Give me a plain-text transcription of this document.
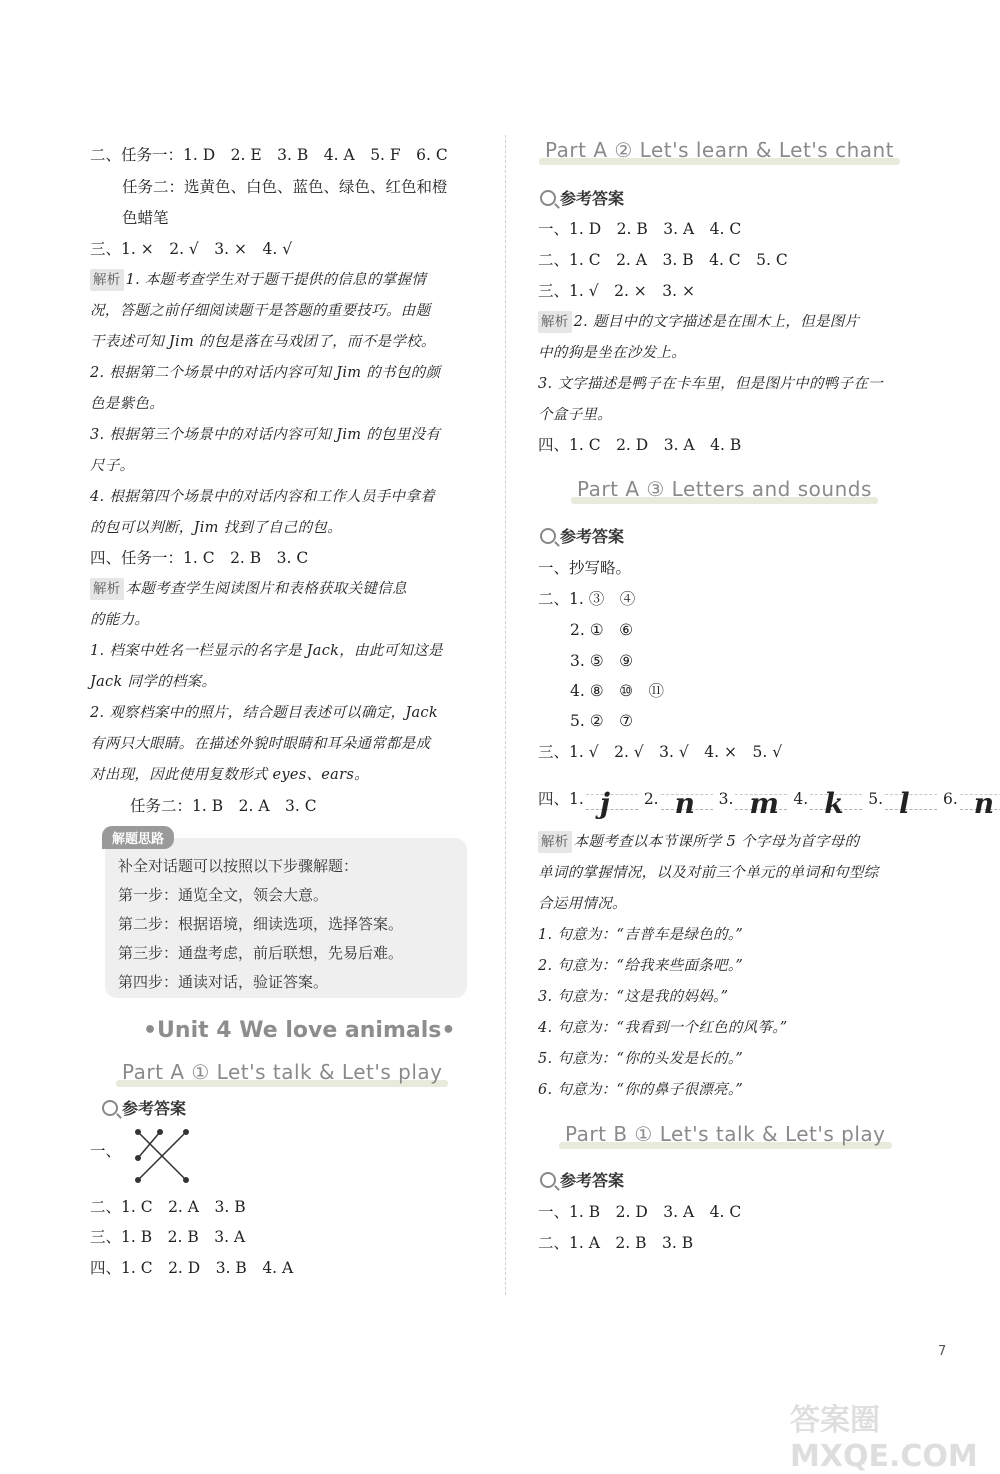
二、任务一：1. D　2. E　3. B　4. A　5. F　6. C
任务二：选黄色、白色、蓝色、绿色、红色和橙
色蜡笔
三、1. ×　2. √　3. ×　4. √
解析 1. 本题考查学生对于题干提供的信息的掌握情
况，答题之前仔细阅读题干是答题的重要技巧。由题
干表述可知 Jim 的包是落在马戏团了，而不是学校。
2. 根据第二个场景中的对话内容可知 Jim 的书包的颜
色是紫色。
3. 根据第三个场景中的对话内容可知 Jim 的包里没有
尺子。
4. 根据第四个场景中的对话内容和工作人员手中拿着
的包可以判断，Jim 找到了自己的包。
四、任务一：1. C　2. B　3. C
解析 本题考查学生阅读图片和表格获取关键信息
的能力。
1. 档案中姓名一栏显示的名字是 Jack，由此可知这是
Jack 同学的档案。
2. 观察档案中的照片，结合题目表述可以确定，Jack
有两只大眼睛。在描述外貌时眼睛和耳朵通常都是成
对出现，因此使用复数形式 eyes、ears。
任务二：1. B　2. A　3. C
解题思路
补全对话题可以按照以下步骤解题：
第一步：通览全文，领会大意。
第二步：根据语境，细读选项，选择答案。
第三步：通盘考虑，前后联想，先易后难。
第四步：通读对话，验证答案。
•Unit 4 We love animals•
Part A ① Let's talk & Let's play
参考答案
一、
二、1. C　2. A　3. B
三、1. B　2. B　3. A
四、1. C　2. D　3. B　4. A
Part A ② Let's learn & Let's chant
参考答案
一、1. D　2. B　3. A　4. C
二、1. C　2. A　3. B　4. C　5. C
三、1. √　2. ×　3. ×
解析 2. 题目中的文字描述是在围木上，但是图片
中的狗是坐在沙发上。
3. 文字描述是鸭子在卡车里，但是图片中的鸭子在一
个盒子里。
四、1. C　2. D　3. A　4. B
Part A ③ Letters and sounds
参考答案
一、抄写略。
二、1. ③　④
2. ①　⑥
3. ⑤　⑨
4. ⑧　⑩　⑪
5. ②　⑦
三、1. √　2. √　3. √　4. ×　5. √
四、1. j 2. n 3. m 4. k 5. l 6. n
解析 本题考查以本节课所学 5 个字母为首字母的
单词的掌握情况，以及对前三个单元的单词和句型综
合运用情况。
1. 句意为：“吉普车是绿色的。”
2. 句意为：“给我来些面条吧。”
3. 句意为：“这是我的妈妈。”
4. 句意为：“我看到一个红色的风筝。”
5. 句意为：“你的头发是长的。”
6. 句意为：“你的鼻子很漂亮。”
Part B ① Let's talk & Let's play
参考答案
一、1. B　2. D　3. A　4. C
二、1. A　2. B　3. B
7
答案圈 MXQE.COM
